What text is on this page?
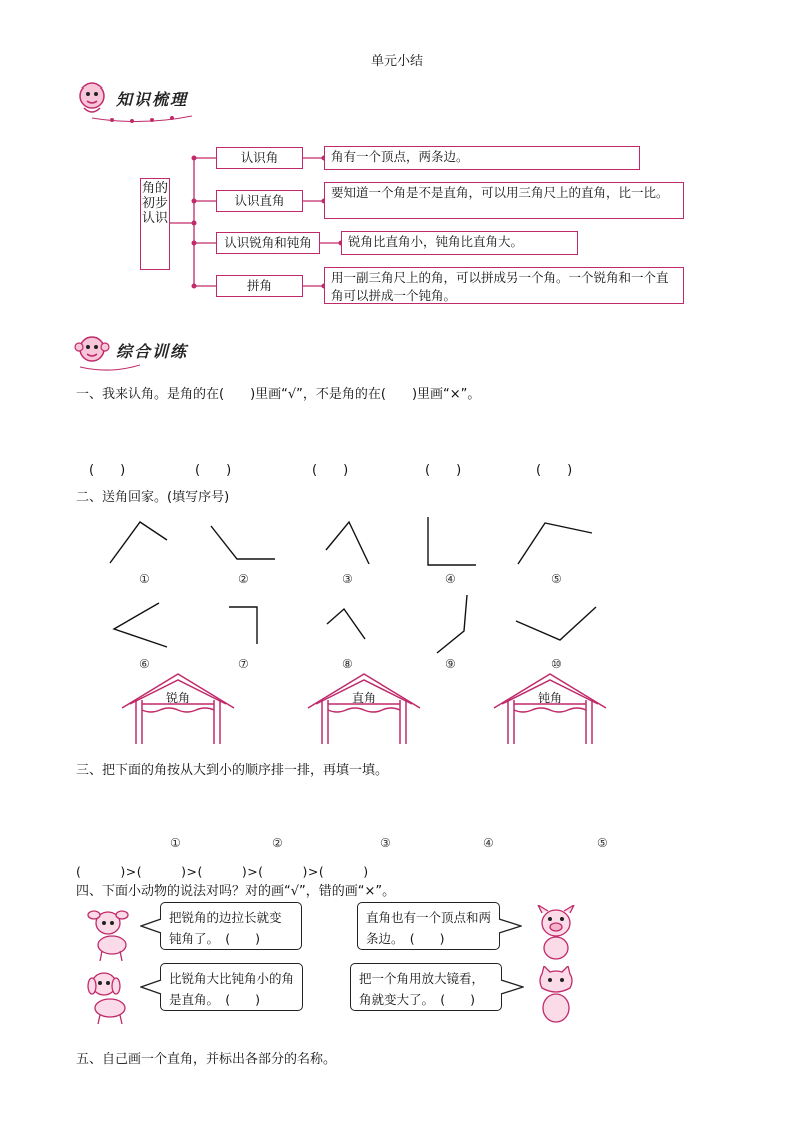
单元小结
知识梳理
角的初步认识
认识角
认识直角
认识锐角和钝角
拼角
角有一个顶点，两条边。
要知道一个角是不是直角，可以用三角尺上的直角，比一比。
锐角比直角小，钝角比直角大。
用一副三角尺上的角，可以拼成另一个角。一个锐角和一个直角可以拼成一个钝角。
综合训练
一、我来认角。是角的在(　　)里画“√”，不是角的在(　　)里画“×”。
(　　)	(　　)	(　　)	(　　)	(　　)
二、送角回家。(填写序号)
①	②	③	④	⑤
⑥	⑦	⑧	⑨	⑩
锐角	直角	钝角
三、把下面的角按从大到小的顺序排一排，再填一填。
①	②	③	④	⑤
(　　　)>(　　　)>(　　　)>(　　　)>(　　　)
四、下面小动物的说法对吗？对的画“√”，错的画“×”。
把锐角的边拉长就变钝角了。　(　　)
直角也有一个顶点和两条边。　(　　)
比锐角大比钝角小的角是直角。　(　　)
把一个角用放大镜看，角就变大了。　(　　)
五、自己画一个直角，并标出各部分的名称。
